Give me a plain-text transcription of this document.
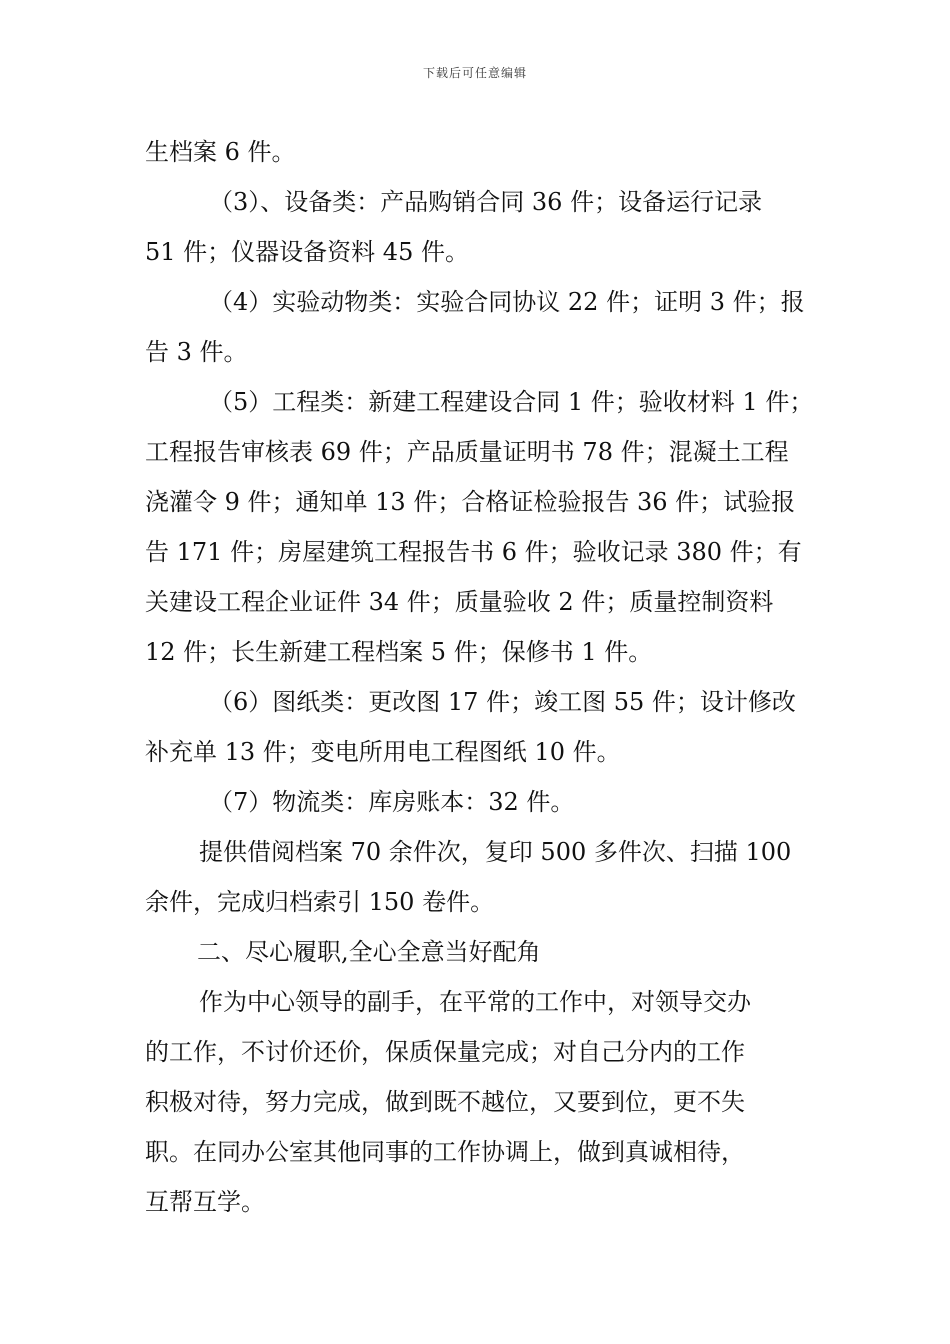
下载后可任意编辑
生档案 6 件。
（3）、设备类：产品购销合同 36 件；设备运行记录
51 件；仪器设备资料 45 件。
（4）实验动物类：实验合同协议 22 件；证明 3 件；报
告 3 件。
（5）工程类：新建工程建设合同 1 件；验收材料 1 件；
工程报告审核表 69 件；产品质量证明书 78 件；混凝土工程
浇灌令 9 件；通知单 13 件；合格证检验报告 36 件；试验报
告 171 件；房屋建筑工程报告书 6 件；验收记录 380 件；有
关建设工程企业证件 34 件；质量验收 2 件；质量控制资料
12 件；长生新建工程档案 5 件；保修书 1 件。
（6）图纸类：更改图 17 件；竣工图 55 件；设计修改
补充单 13 件；变电所用电工程图纸 10 件。
（7）物流类：库房账本：32 件。
提供借阅档案 70 余件次，复印 500 多件次、扫描 100
余件，完成归档索引 150 卷件。
二、尽心履职,全心全意当好配角
作为中心领导的副手，在平常的工作中，对领导交办
的工作，不讨价还价，保质保量完成；对自己分内的工作
积极对待，努力完成，做到既不越位，又要到位，更不失
职。在同办公室其他同事的工作协调上，做到真诚相待，
互帮互学。
